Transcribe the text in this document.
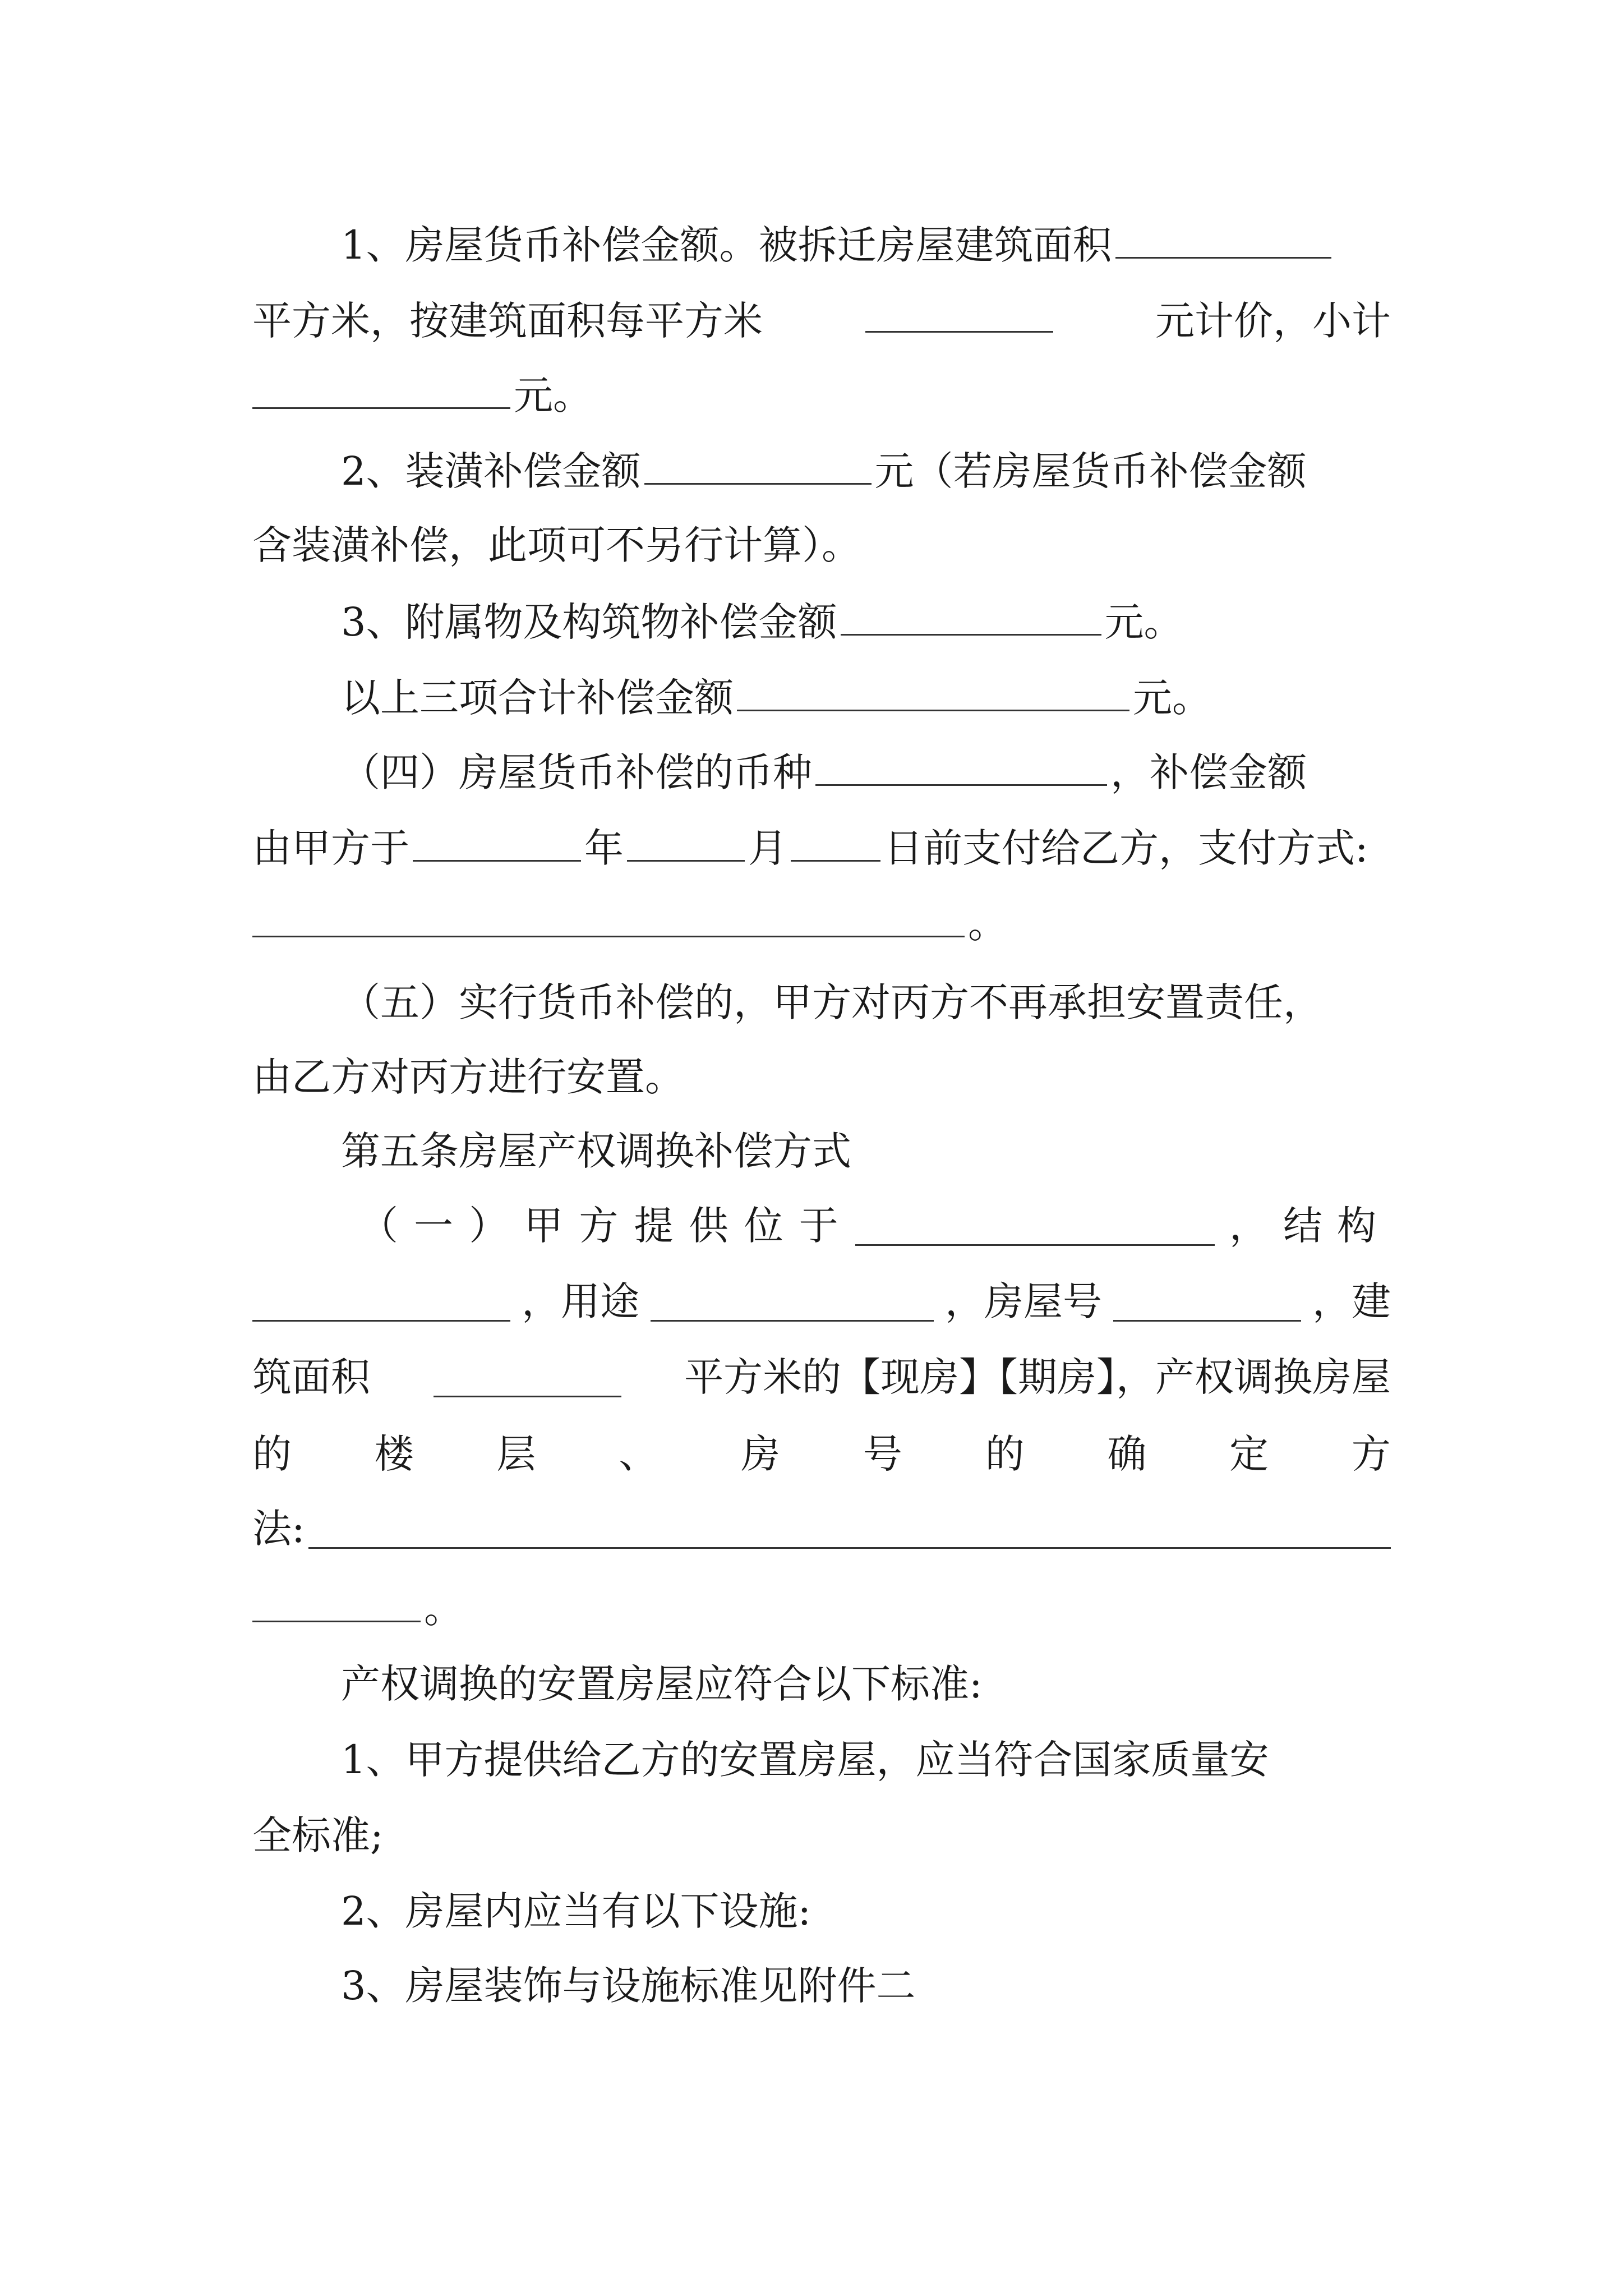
1、房屋货币补偿金额。被拆迁房屋建筑面积
平方米，按建筑面积每平方米	元计价，小计
元。
2、装潢补偿金额	元（若房屋货币补偿金额
含装潢补偿，此项可不另行计算）。
3、附属物及构筑物补偿金额	元。
以上三项合计补偿金额	元。
（四）房屋货币补偿的币种	，补偿金额
由甲方于	年	月 日前支付给乙方，支付方式:
。
（五）实行货币补偿的，甲方对丙方不再承担安置责任，
由乙方对丙方进行安置。
第五条房屋产权调换补偿方式
（ 一 ） 甲 方 提 供 位 于	，结构
，用途	，房屋号	，建
筑面积	平方米的【现房】【期房】，产权调换房屋
的 楼 层 、 房 号 的 确 定 方
法:
。
产权调换的安置房屋应符合以下标准:
1、甲方提供给乙方的安置房屋，应当符合国家质量安
全标准;
2、房屋内应当有以下设施:
3、房屋装饰与设施标准见附件二
